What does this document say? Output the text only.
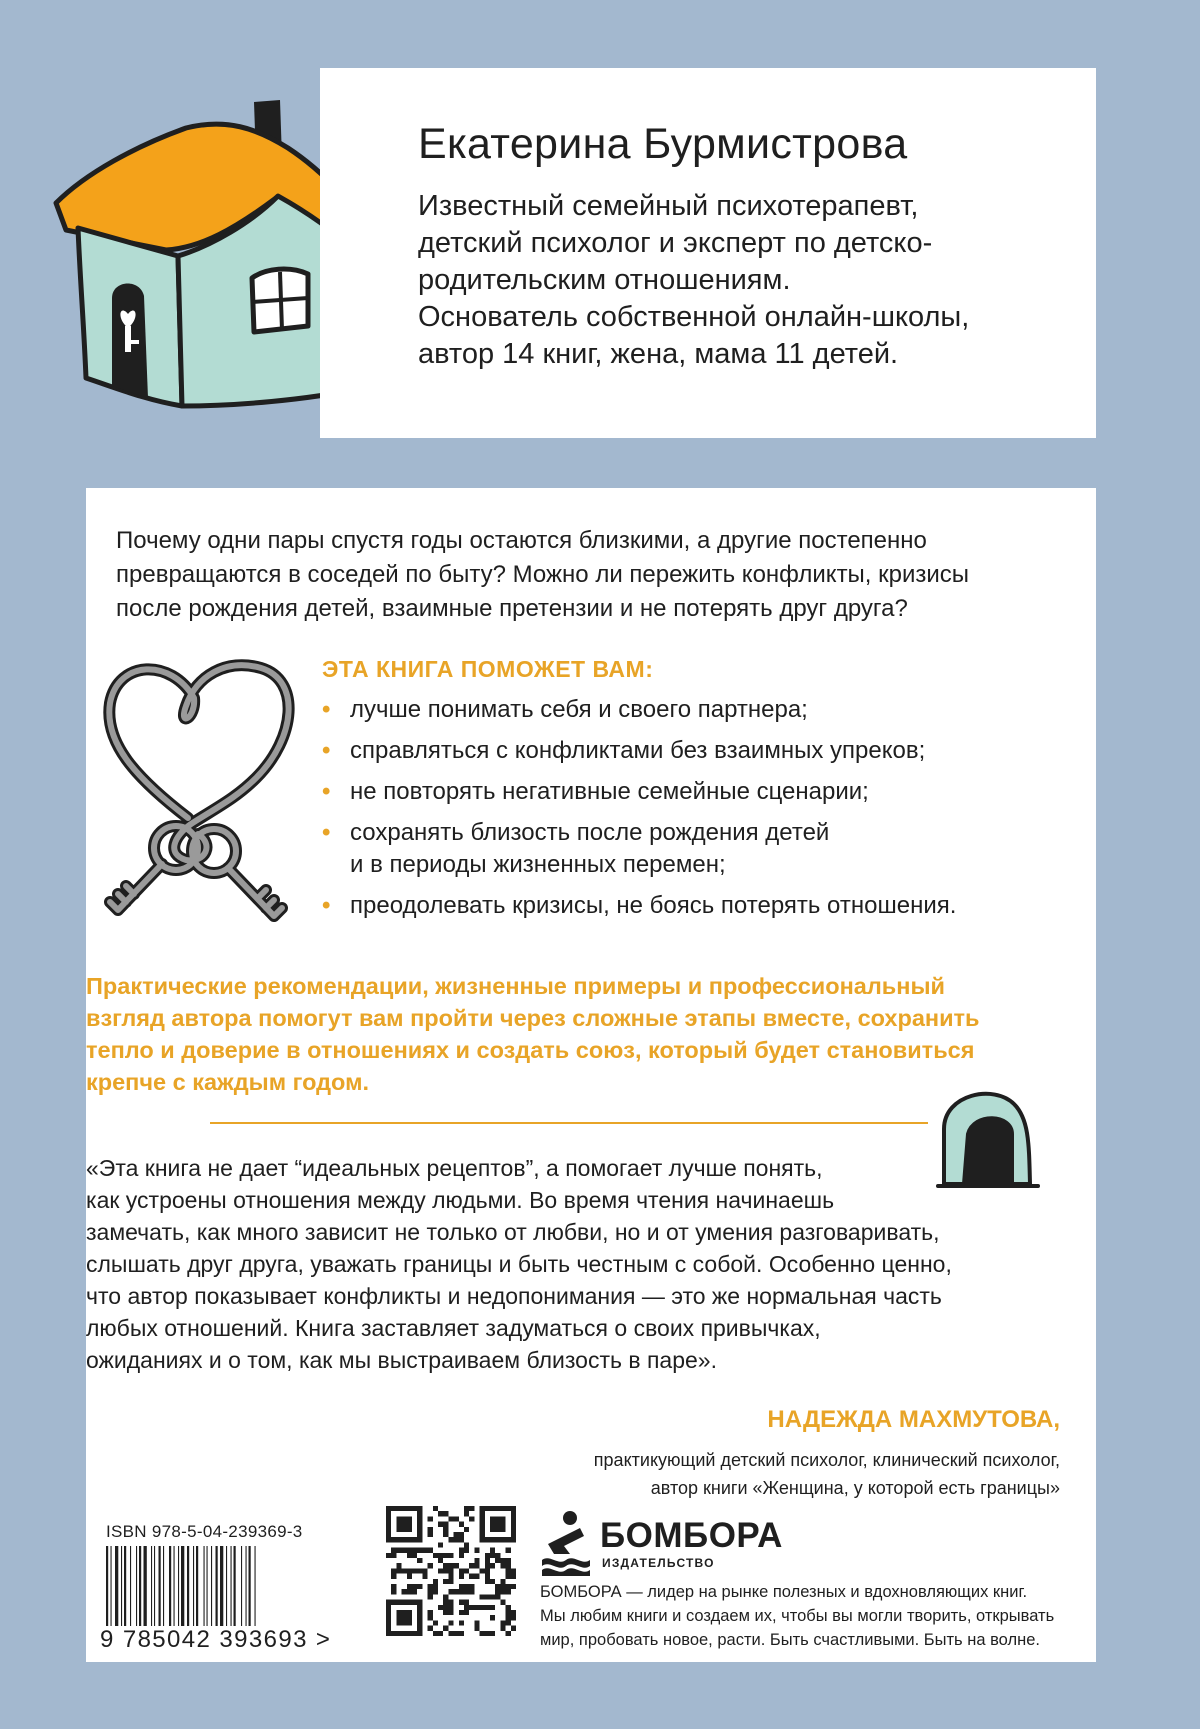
Екатерина Бурмистрова
Известный семейный психотерапевт,
детский психолог и эксперт по детско-
родительским отношениям.
Основатель собственной онлайн-школы,
автор 14 книг, жена, мама 11 детей.
Почему одни пары спустя годы остаются близкими, а другие постепенно
превращаются в соседей по быту? Можно ли пережить конфликты, кризисы
после рождения детей, взаимные претензии и не потерять друг друга?
ЭТА КНИГА ПОМОЖЕТ ВАМ:
• лучше понимать себя и своего партнера;
• справляться с конфликтами без взаимных упреков;
• не повторять негативные семейные сценарии;
• сохранять близость после рождения детей
и в периоды жизненных перемен;
• преодолевать кризисы, не боясь потерять отношения.
Практические рекомендации, жизненные примеры и профессиональный
взгляд автора помогут вам пройти через сложные этапы вместе, сохранить
тепло и доверие в отношениях и создать союз, который будет становиться
крепче с каждым годом.
«Эта книга не дает “идеальных рецептов”, а помогает лучше понять,
как устроены отношения между людьми. Во время чтения начинаешь
замечать, как много зависит не только от любви, но и от умения разговаривать,
слышать друг друга, уважать границы и быть честным с собой. Особенно ценно,
что автор показывает конфликты и недопонимания — это же нормальная часть
любых отношений. Книга заставляет задуматься о своих привычках,
ожиданиях и о том, как мы выстраиваем близость в паре».
НАДЕЖДА МАХМУТОВА,
практикующий детский психолог, клинический психолог,
автор книги «Женщина, у которой есть границы»
ISBN 978-5-04-239369-3
9 785042 393693 >
БОМБОРА
ИЗДАТЕЛЬСТВО
БОМБОРА — лидер на рынке полезных и вдохновляющих книг.
Мы любим книги и создаем их, чтобы вы могли творить, открывать
мир, пробовать новое, расти. Быть счастливыми. Быть на волне.
